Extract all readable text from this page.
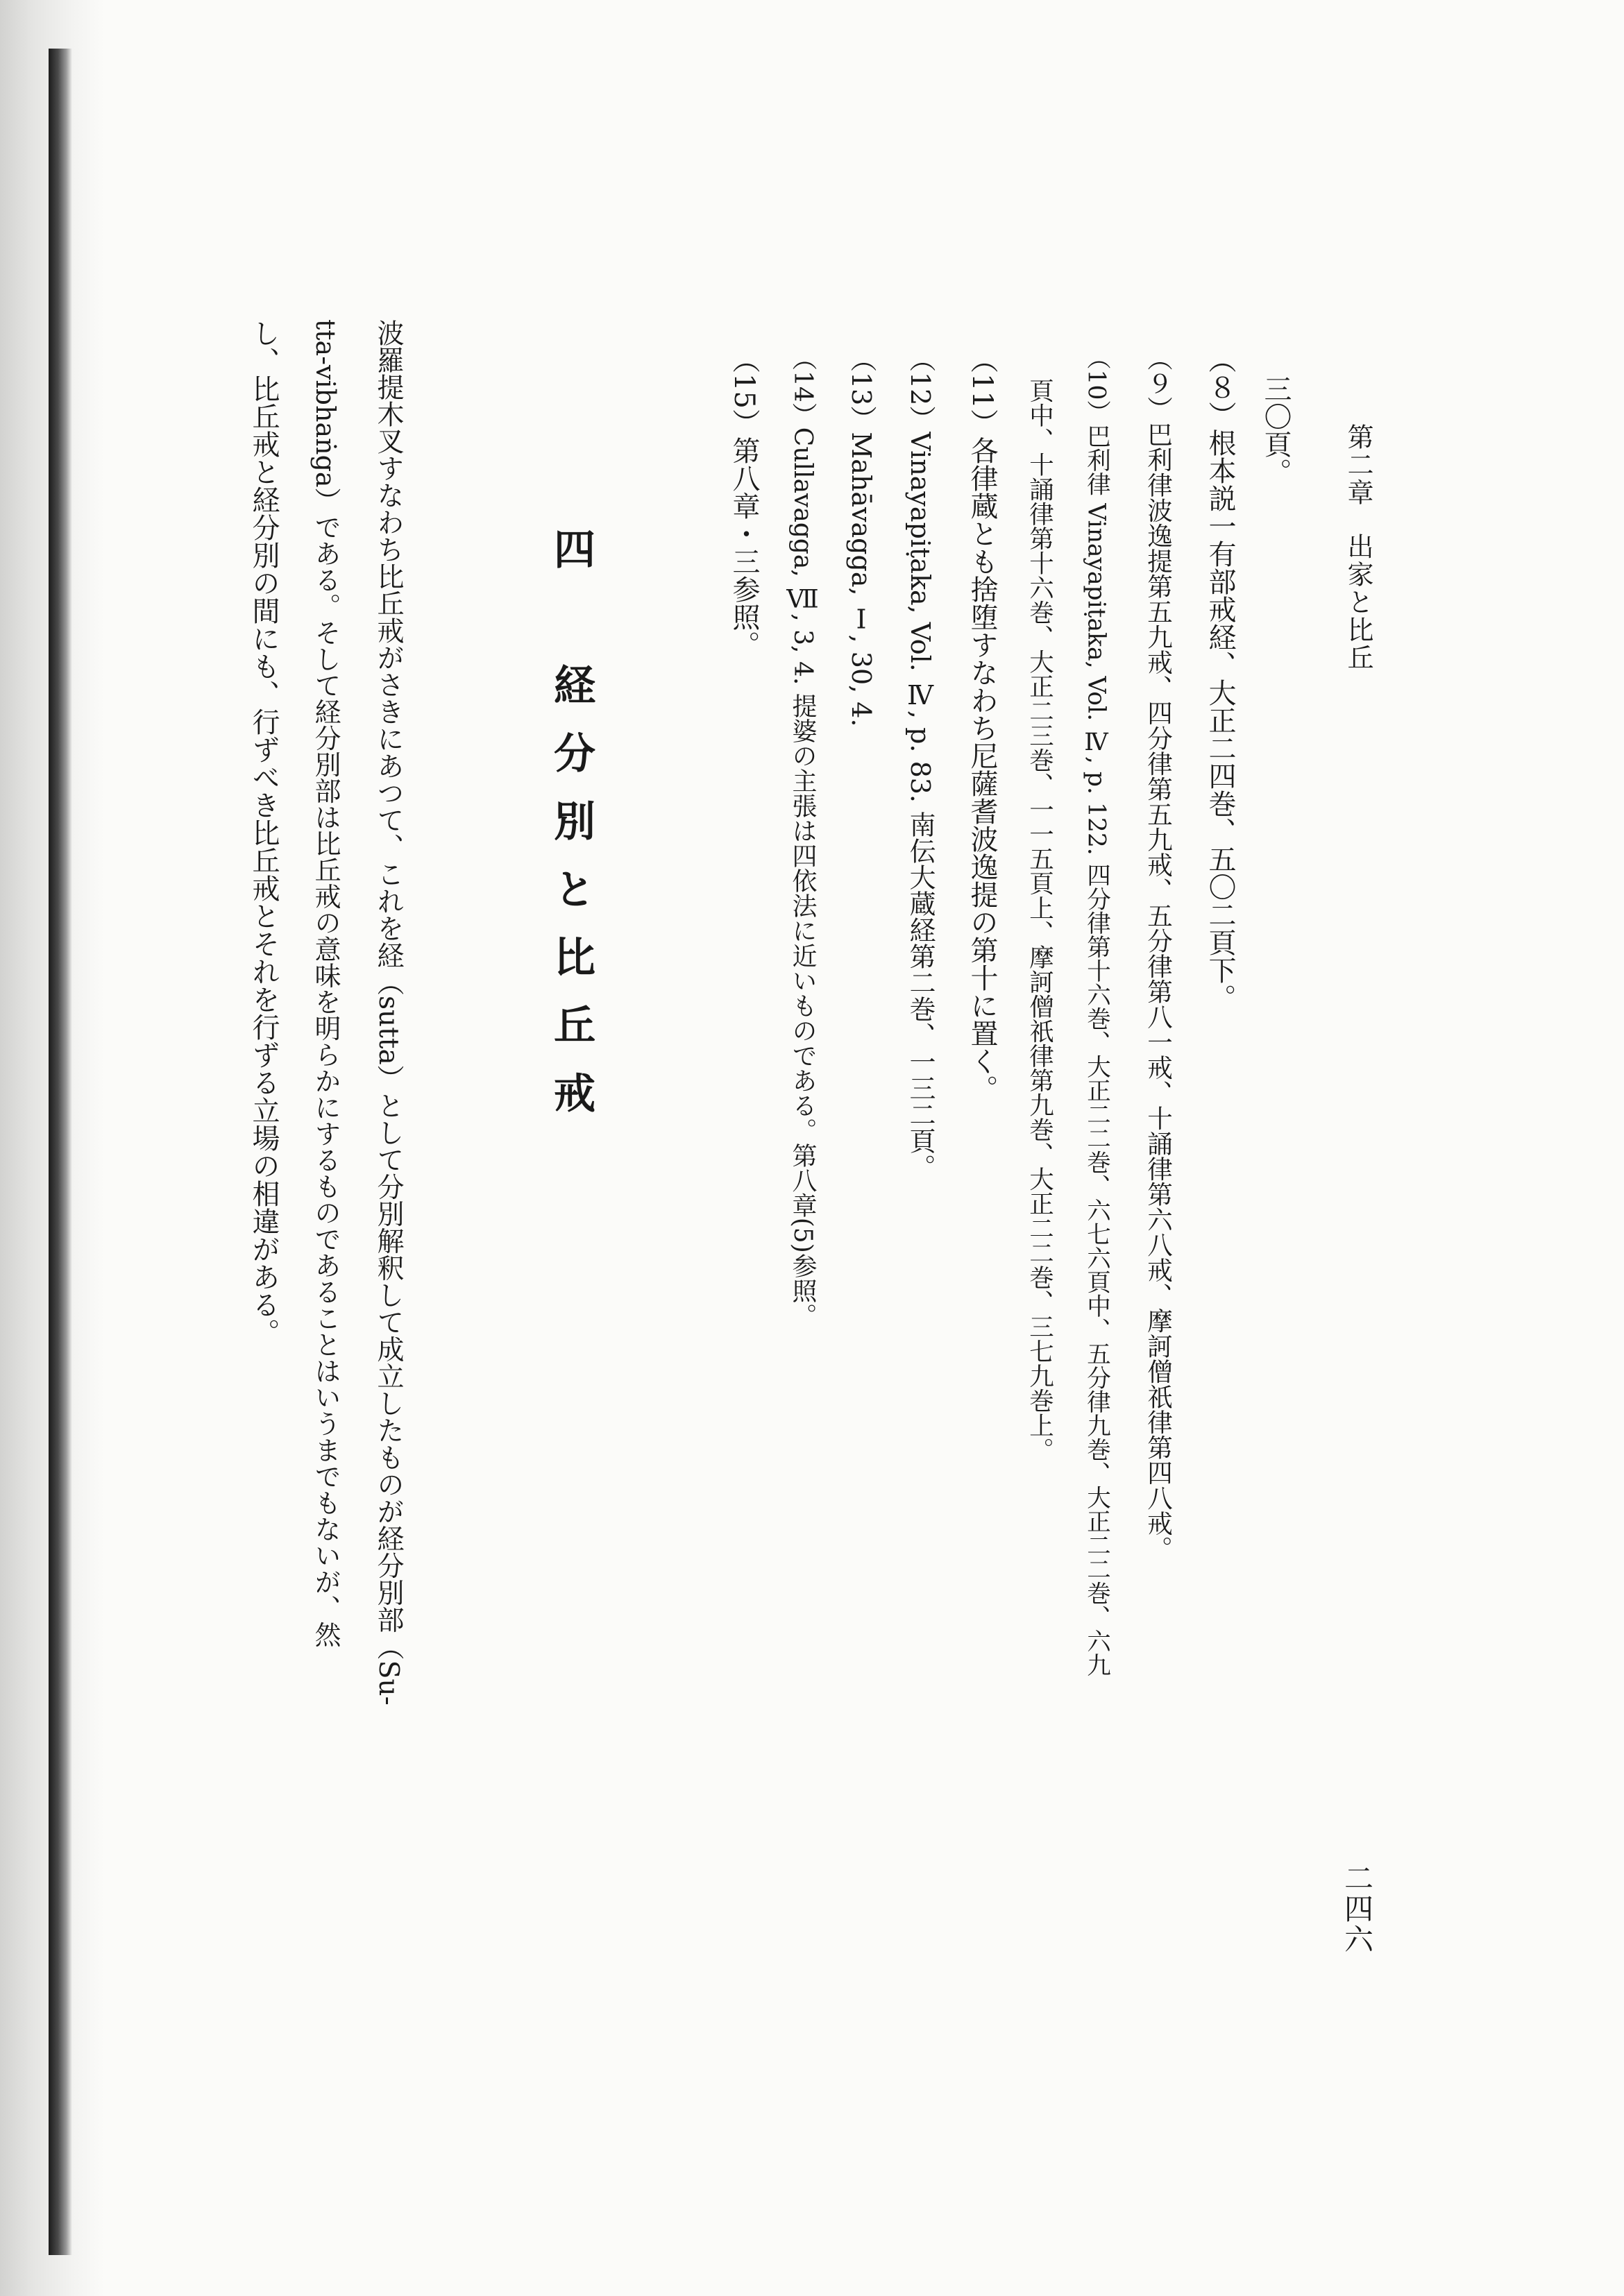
第二章出家と比丘
二四六
三〇頁。
（８）根本説一有部戒経、大正二四巻、五〇二頁下。
（９）巴利律波逸提第五九戒、四分律第五九戒、五分律第八一戒、十誦律第六八戒、摩訶僧祇律第四八戒。
（10）巴利律 Vinayapiṭaka, Vol. Ⅳ, p. 122. 四分律第十六巻、大正二二巻、六七六頁中、五分律九巻、大正二二巻、六九
頁中、十誦律第十六巻、大正二三巻、一一五頁上、摩訶僧祇律第九巻、大正二二巻、三七九巻上。
（11）各律蔵とも捨堕すなわち尼薩耆波逸提の第十に置く。
（12）Vinayapiṭaka, Vol. Ⅳ, p. 83. 南伝大蔵経第二巻、一三二頁。
（13）Mahāvagga, Ⅰ, 30, 4.
（14）Cullavagga, Ⅶ, 3, 4. 提婆の主張は四依法に近いものである。第八章(5)参照。
（15）第八章・三参照。
四　経分別と比丘戒
波羅提木叉すなわち比丘戒がさきにあつて、これを経（sutta）として分別解釈して成立したものが経分別部（Su-
tta-vibhaṅga）である。そして経分別部は比丘戒の意味を明らかにするものであることはいうまでもないが、然
し、比丘戒と経分別の間にも、行ずべき比丘戒とそれを行ずる立場の相違がある。
